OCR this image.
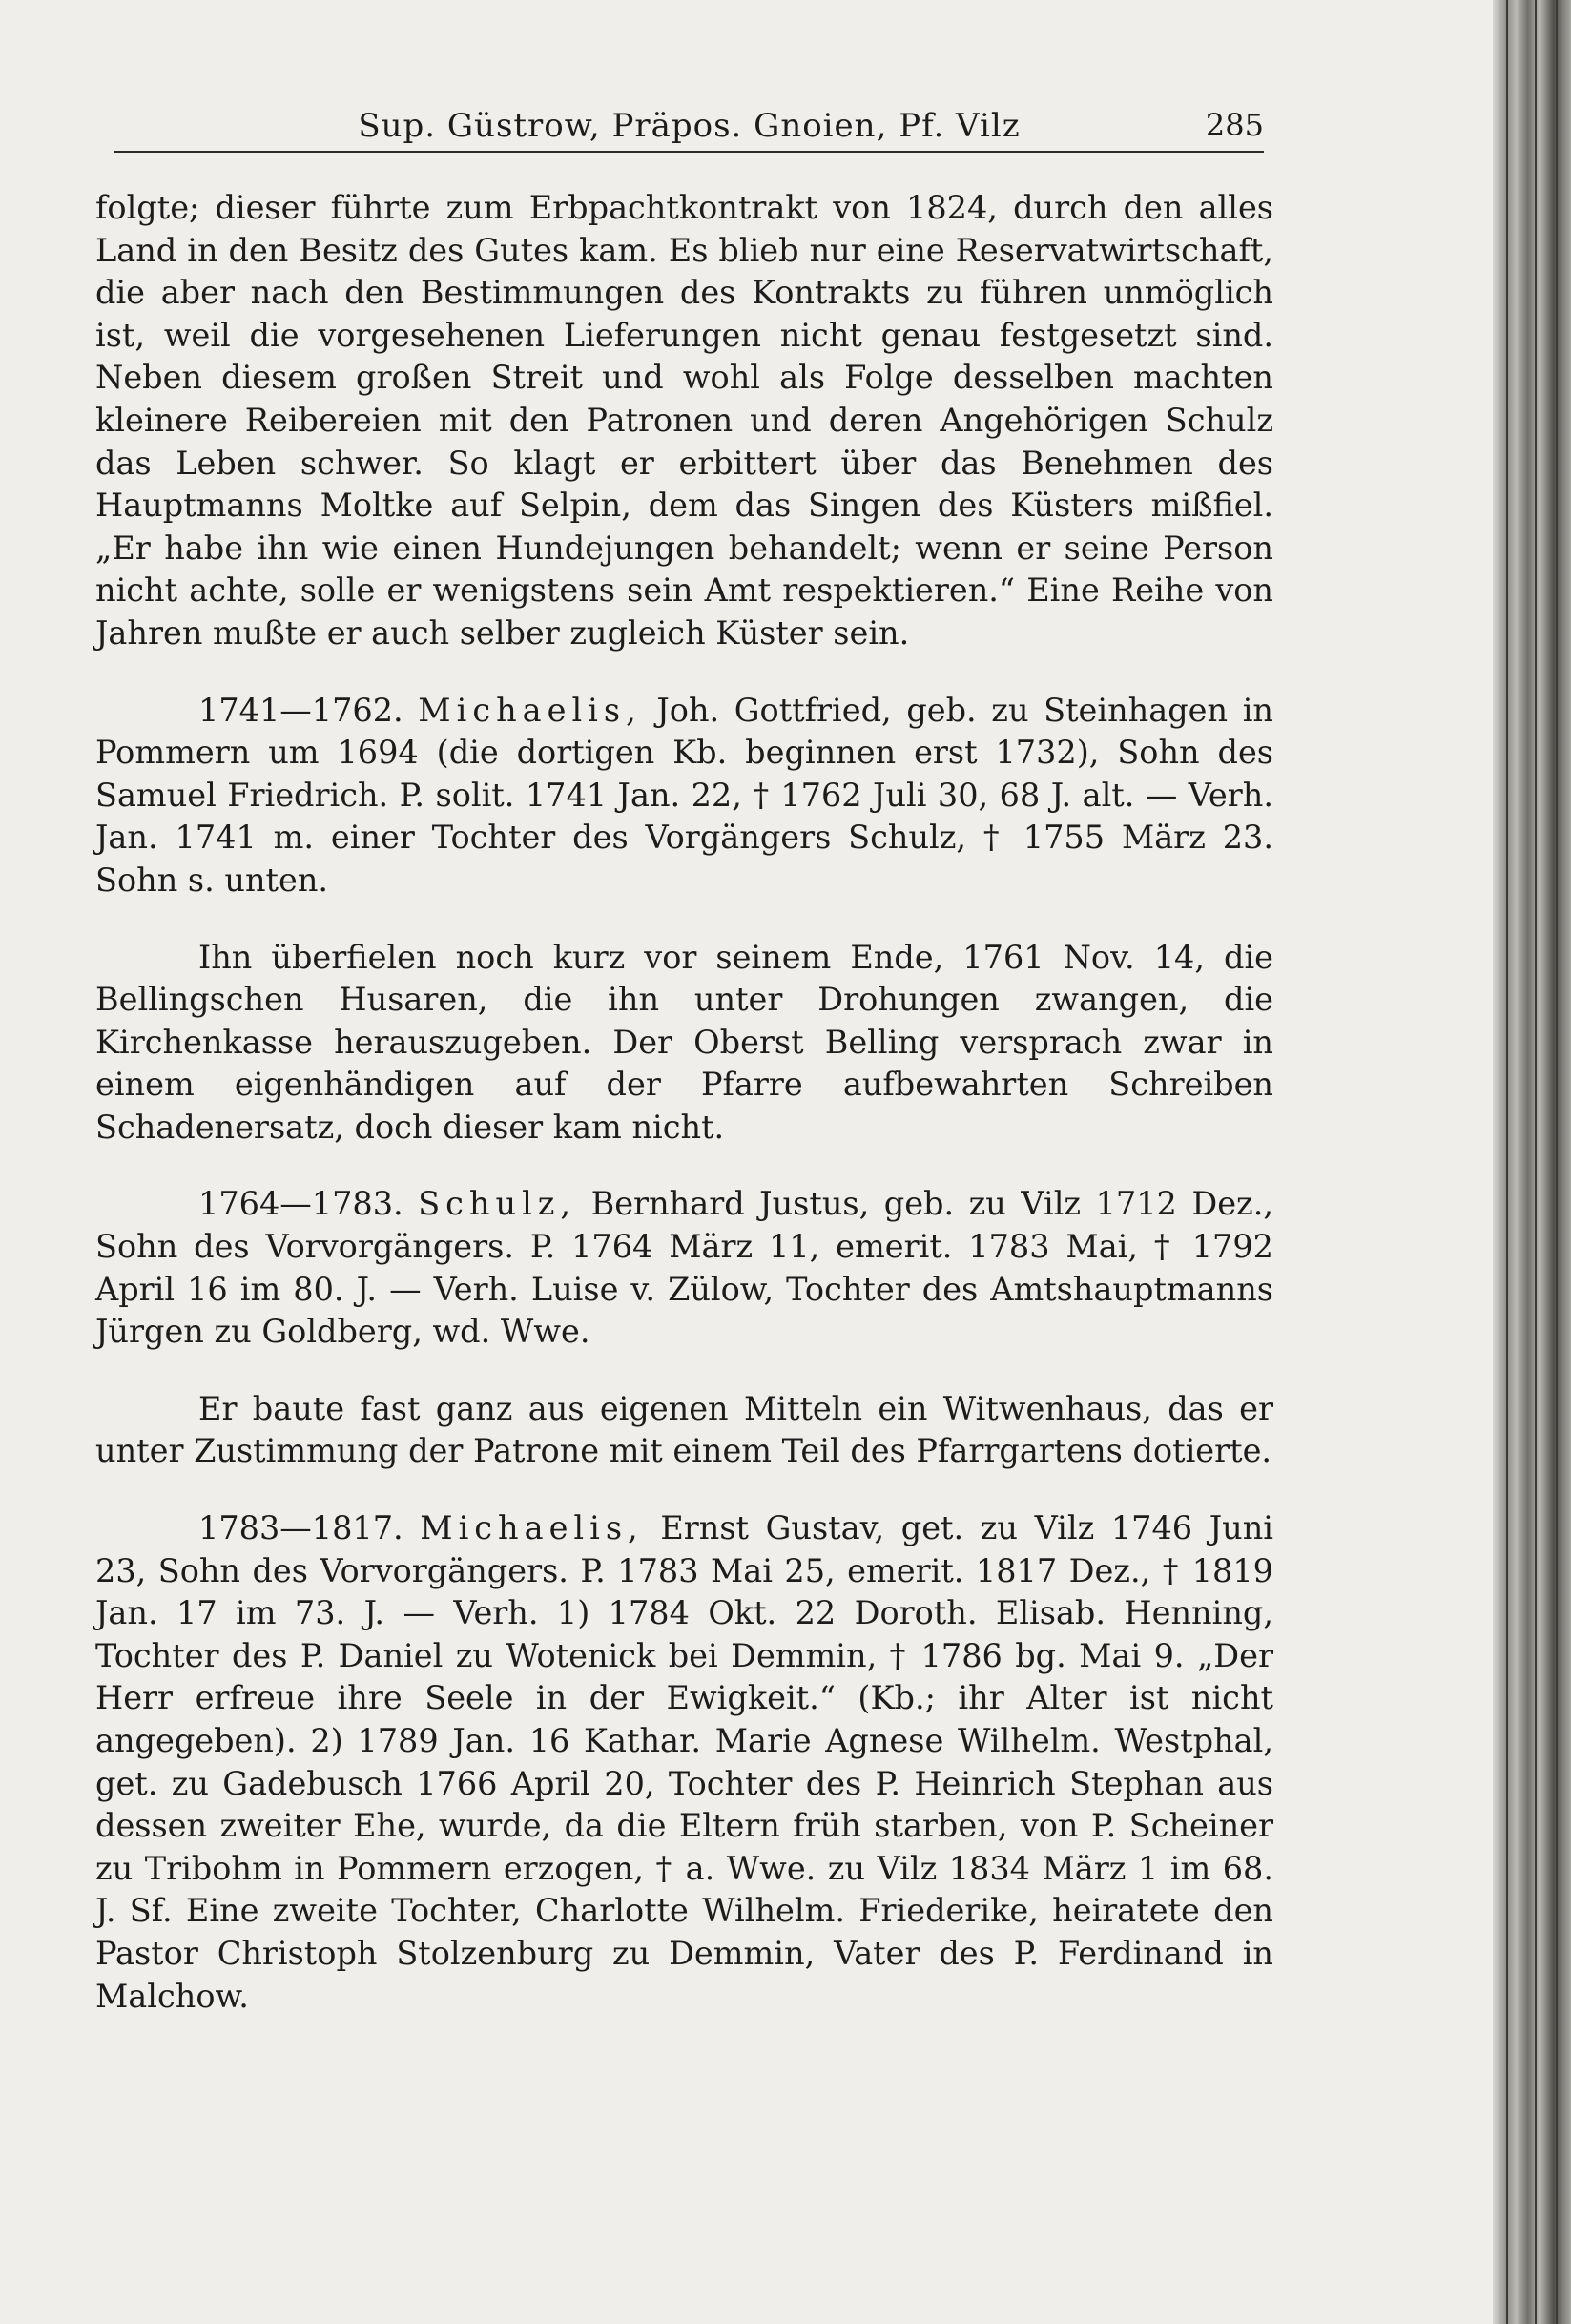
Sup. Güstrow, Präpos. Gnoien, Pf. Vilz	285

folgte; dieser führte zum Erbpachtkontrakt von 1824, durch den alles Land in den Besitz des Gutes kam. Es blieb nur eine Reservatwirtschaft, die aber nach den Bestimmungen des Kontrakts zu führen unmöglich ist, weil die vorgesehenen Lieferungen nicht genau festgesetzt sind. Neben diesem großen Streit und wohl als Folge desselben machten kleinere Reibereien mit den Patronen und deren Angehörigen Schulz das Leben schwer. So klagt er erbittert über das Benehmen des Hauptmanns Moltke auf Selpin, dem das Singen des Küsters mißfiel. „Er habe ihn wie einen Hundejungen behandelt; wenn er seine Person nicht achte, solle er wenigstens sein Amt respektieren.“ Eine Reihe von Jahren mußte er auch selber zugleich Küster sein.

1741—1762. Michaelis, Joh. Gottfried, geb. zu Steinhagen in Pommern um 1694 (die dortigen Kb. beginnen erst 1732), Sohn des Samuel Friedrich. P. solit. 1741 Jan. 22, † 1762 Juli 30, 68 J. alt. — Verh. Jan. 1741 m. einer Tochter des Vorgängers Schulz, † 1755 März 23. Sohn s. unten.

Ihn überfielen noch kurz vor seinem Ende, 1761 Nov. 14, die Bellingschen Husaren, die ihn unter Drohungen zwangen, die Kirchenkasse herauszugeben. Der Oberst Belling versprach zwar in einem eigenhändigen auf der Pfarre aufbewahrten Schreiben Schadenersatz, doch dieser kam nicht.

1764—1783. Schulz, Bernhard Justus, geb. zu Vilz 1712 Dez., Sohn des Vorvorgängers. P. 1764 März 11, emerit. 1783 Mai, † 1792 April 16 im 80. J. — Verh. Luise v. Zülow, Tochter des Amtshauptmanns Jürgen zu Goldberg, wd. Wwe.

Er baute fast ganz aus eigenen Mitteln ein Witwenhaus, das er unter Zustimmung der Patrone mit einem Teil des Pfarrgartens dotierte.

1783—1817. Michaelis, Ernst Gustav, get. zu Vilz 1746 Juni 23, Sohn des Vorvorgängers. P. 1783 Mai 25, emerit. 1817 Dez., † 1819 Jan. 17 im 73. J. — Verh. 1) 1784 Okt. 22 Doroth. Elisab. Henning, Tochter des P. Daniel zu Wotenick bei Demmin, † 1786 bg. Mai 9. „Der Herr erfreue ihre Seele in der Ewigkeit.“ (Kb.; ihr Alter ist nicht angegeben). 2) 1789 Jan. 16 Kathar. Marie Agnese Wilhelm. Westphal, get. zu Gadebusch 1766 April 20, Tochter des P. Heinrich Stephan aus dessen zweiter Ehe, wurde, da die Eltern früh starben, von P. Scheiner zu Tribohm in Pommern erzogen, † a. Wwe. zu Vilz 1834 März 1 im 68. J. Sf. Eine zweite Tochter, Charlotte Wilhelm. Friederike, heiratete den Pastor Christoph Stolzenburg zu Demmin, Vater des P. Ferdinand in Malchow.
